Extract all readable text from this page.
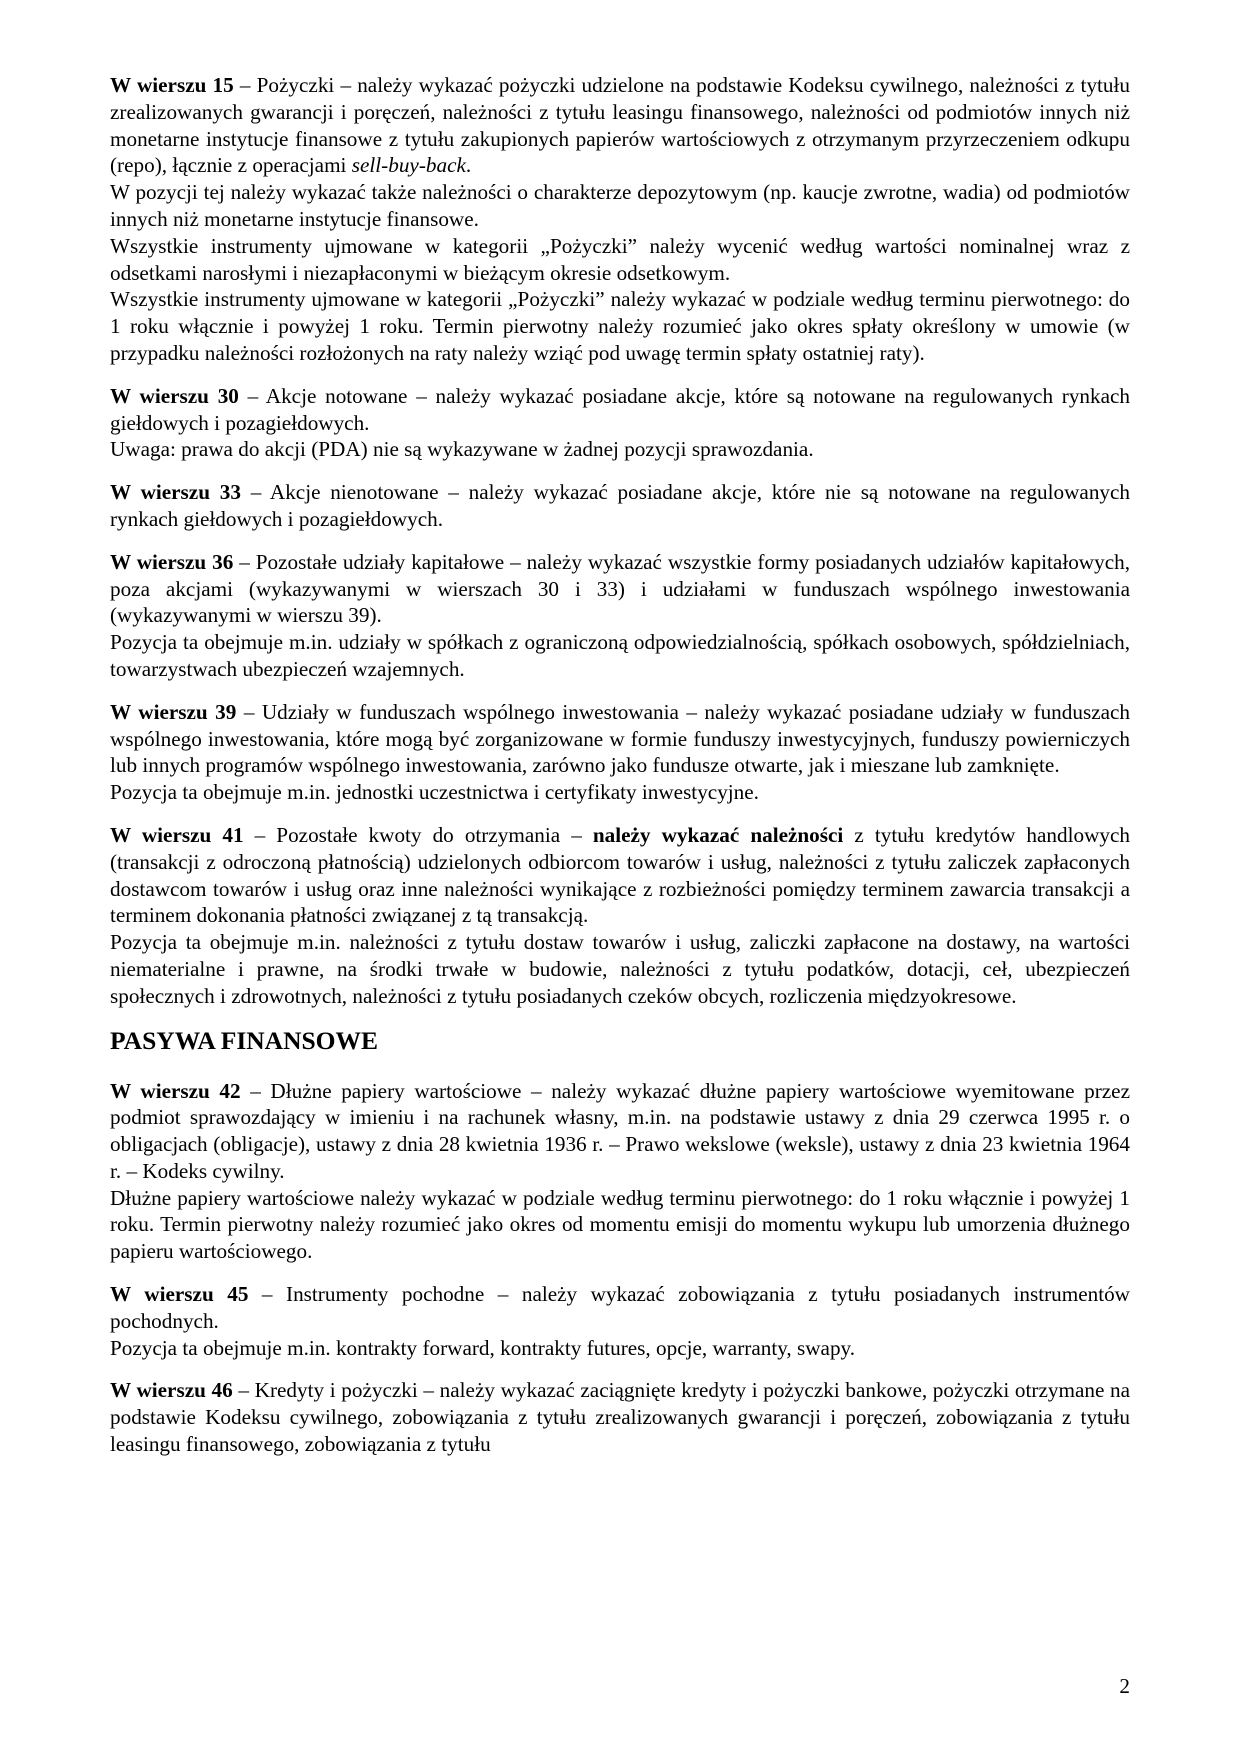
W wierszu 15 – Pożyczki – należy wykazać pożyczki udzielone na podstawie Kodeksu cywilnego, należności z tytułu zrealizowanych gwarancji i poręczeń, należności z tytułu leasingu finansowego, należności od podmiotów innych niż monetarne instytucje finansowe z tytułu zakupionych papierów wartościowych z otrzymanym przyrzeczeniem odkupu (repo), łącznie z operacjami sell-buy-back.

W pozycji tej należy wykazać także należności o charakterze depozytowym (np. kaucje zwrotne, wadia) od podmiotów innych niż monetarne instytucje finansowe.

Wszystkie instrumenty ujmowane w kategorii „Pożyczki” należy wycenić według wartości nominalnej wraz z odsetkami narosłymi i niezapłaconymi w bieżącym okresie odsetkowym.

Wszystkie instrumenty ujmowane w kategorii „Pożyczki” należy wykazać w podziale według terminu pierwotnego: do 1 roku włącznie i powyżej 1 roku. Termin pierwotny należy rozumieć jako okres spłaty określony w umowie (w przypadku należności rozłożonych na raty należy wziąć pod uwagę termin spłaty ostatniej raty).

W wierszu 30 – Akcje notowane – należy wykazać posiadane akcje, które są notowane na regulowanych rynkach giełdowych i pozagiełdowych.

Uwaga: prawa do akcji (PDA) nie są wykazywane w żadnej pozycji sprawozdania.

W wierszu 33 – Akcje nienotowane – należy wykazać posiadane akcje, które nie są notowane na regulowanych rynkach giełdowych i pozagiełdowych.

W wierszu 36 – Pozostałe udziały kapitałowe – należy wykazać wszystkie formy posiadanych udziałów kapitałowych, poza akcjami (wykazywanymi w wierszach 30 i 33) i udziałami w funduszach wspólnego inwestowania (wykazywanymi w wierszu 39).

Pozycja ta obejmuje m.in. udziały w spółkach z ograniczoną odpowiedzialnością, spółkach osobowych, spółdzielniach, towarzystwach ubezpieczeń wzajemnych.

W wierszu 39 – Udziały w funduszach wspólnego inwestowania – należy wykazać posiadane udziały w funduszach wspólnego inwestowania, które mogą być zorganizowane w formie funduszy inwestycyjnych, funduszy powierniczych lub innych programów wspólnego inwestowania, zarówno jako fundusze otwarte, jak i mieszane lub zamknięte.

Pozycja ta obejmuje m.in. jednostki uczestnictwa i certyfikaty inwestycyjne.

W wierszu 41 – Pozostałe kwoty do otrzymania – należy wykazać należności z tytułu kredytów handlowych (transakcji z odroczoną płatnością) udzielonych odbiorcom towarów i usług, należności z tytułu zaliczek zapłaconych dostawcom towarów i usług oraz inne należności wynikające z rozbieżności pomiędzy terminem zawarcia transakcji a terminem dokonania płatności związanej z tą transakcją.

Pozycja ta obejmuje m.in. należności z tytułu dostaw towarów i usług, zaliczki zapłacone na dostawy, na wartości niematerialne i prawne, na środki trwałe w budowie, należności z tytułu podatków, dotacji, ceł, ubezpieczeń społecznych i zdrowotnych, należności z tytułu posiadanych czeków obcych, rozliczenia międzyokresowe.

PASYWA FINANSOWE

W wierszu 42 – Dłużne papiery wartościowe – należy wykazać dłużne papiery wartościowe wyemitowane przez podmiot sprawozdający w imieniu i na rachunek własny, m.in. na podstawie ustawy z dnia 29 czerwca 1995 r. o obligacjach (obligacje), ustawy z dnia 28 kwietnia 1936 r. – Prawo wekslowe (weksle), ustawy z dnia 23 kwietnia 1964 r. – Kodeks cywilny.

Dłużne papiery wartościowe należy wykazać w podziale według terminu pierwotnego: do 1 roku włącznie i powyżej 1 roku. Termin pierwotny należy rozumieć jako okres od momentu emisji do momentu wykupu lub umorzenia dłużnego papieru wartościowego.

W wierszu 45 – Instrumenty pochodne – należy wykazać zobowiązania z tytułu posiadanych instrumentów pochodnych.

Pozycja ta obejmuje m.in. kontrakty forward, kontrakty futures, opcje, warranty, swapy.

W wierszu 46 – Kredyty i pożyczki – należy wykazać zaciągnięte kredyty i pożyczki bankowe, pożyczki otrzymane na podstawie Kodeksu cywilnego, zobowiązania z tytułu zrealizowanych gwarancji i poręczeń, zobowiązania z tytułu leasingu finansowego, zobowiązania z tytułu

2
